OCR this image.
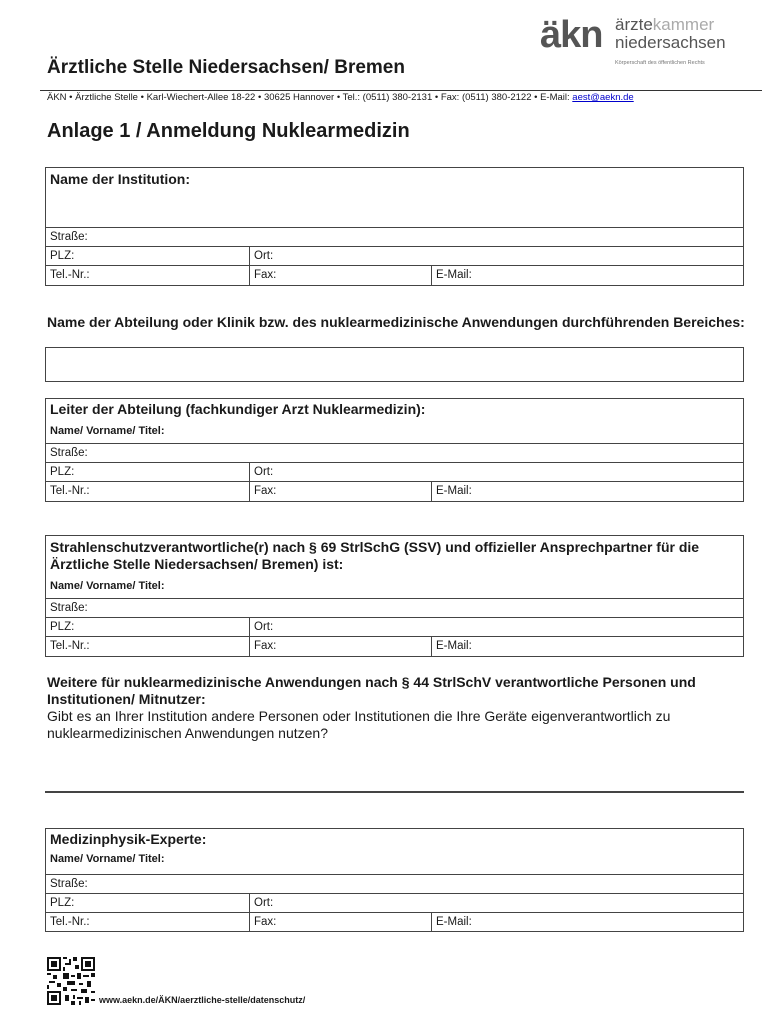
Ärztliche Stelle Niedersachsen/ Bremen
äkn ärztekammer
niedersachsen
Körperschaft des öffentlichen Rechts
ÄKN • Ärztliche Stelle • Karl-Wiechert-Allee 18-22 • 30625 Hannover • Tel.: (0511) 380-2131 • Fax: (0511) 380-2122 • E-Mail: aest@aekn.de
Anlage 1 / Anmeldung Nuklearmedizin
Name der Institution:
Straße:
PLZ:	Ort:
Tel.-Nr.:	Fax:	E-Mail:
Name der Abteilung oder Klinik bzw. des nuklearmedizinische Anwendungen durchführenden Bereiches:
Leiter der Abteilung (fachkundiger Arzt Nuklearmedizin):
Name/ Vorname/ Titel:
Straße:
PLZ:	Ort:
Tel.-Nr.:	Fax:	E-Mail:
Strahlenschutzverantwortliche(r) nach § 69 StrlSchG (SSV) und offizieller Ansprechpartner für die Ärztliche Stelle Niedersachsen/ Bremen) ist:
Name/ Vorname/ Titel:
Straße:
PLZ:	Ort:
Tel.-Nr.:	Fax:	E-Mail:
Weitere für nuklearmedizinische Anwendungen nach § 44 StrlSchV verantwortliche Personen und Institutionen/ Mitnutzer:
Gibt es an Ihrer Institution andere Personen oder Institutionen die Ihre Geräte eigenverantwortlich zu nuklearmedizinischen Anwendungen nutzen?
Medizinphysik-Experte:
Name/ Vorname/ Titel:
Straße:
PLZ:	Ort:
Tel.-Nr.:	Fax:	E-Mail:
www.aekn.de/ÄKN/aerztliche-stelle/datenschutz/
